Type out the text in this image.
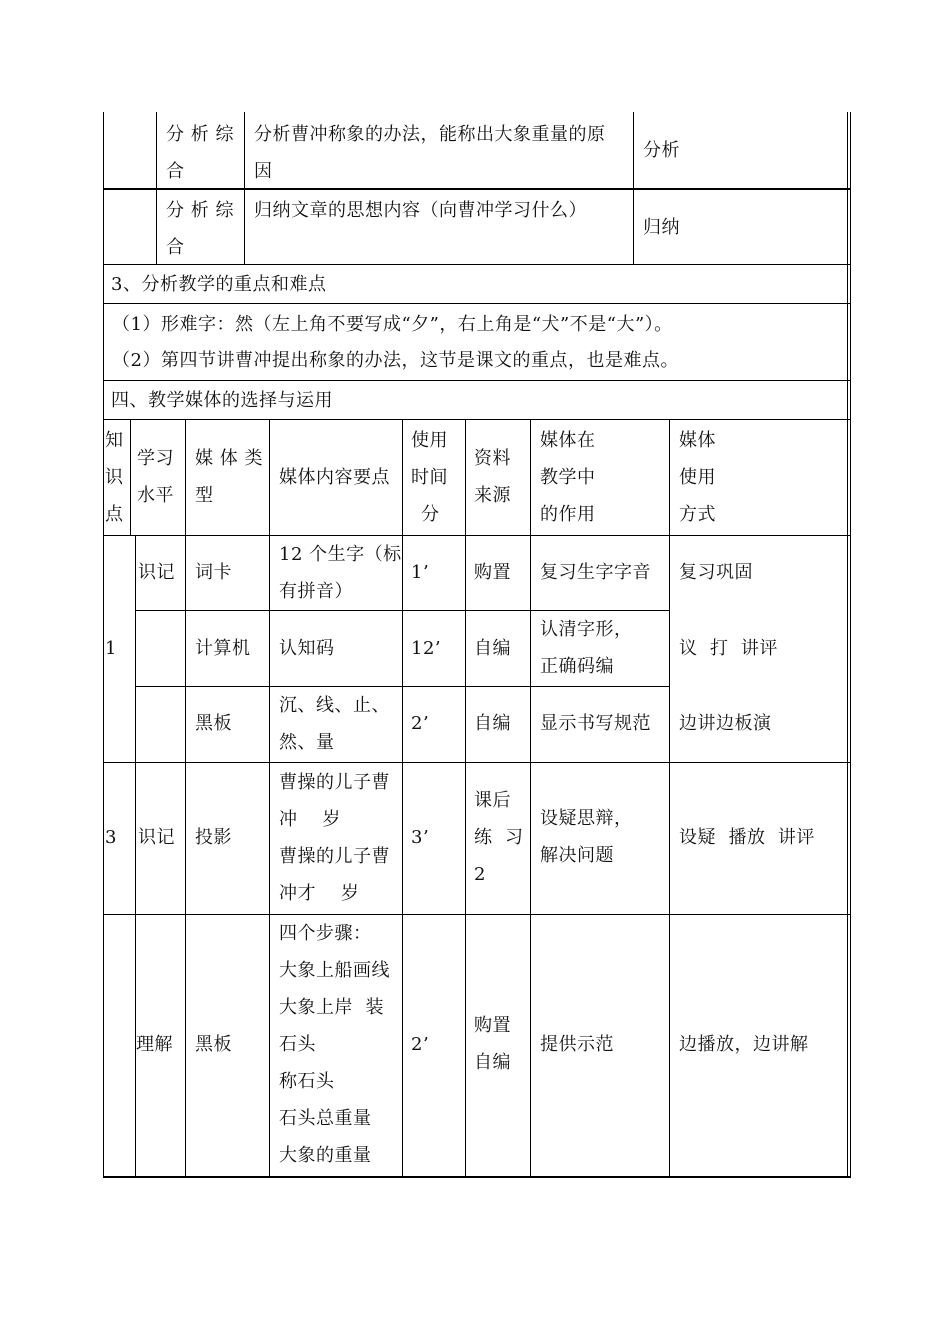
分 析 综
合
分析曹冲称象的办法，能称出大象重量的原
因
分析
分 析 综
合
归纳文章的思想内容（向曹冲学习什么）
归纳
3、分析教学的重点和难点
（1）形难字：然（左上角不要写成“夕”，右上角是“犬”不是“大”）。
（2）第四节讲曹冲提出称象的办法，这节是课文的重点，也是难点。
四、教学媒体的选择与运用
知
识
点
学习
水平
媒 体 类
型
媒体内容要点
使用
时间
分
资料
来源
媒体在
教学中
的作用
媒体
使用
方式
1
识记 词卡
12 个生字（标
有拼音）
1’ 购置 复习生字字音 复习巩固
计算机 认知码	12’ 自编
认清字形，
正确码编
议  打  讲评
黑板
沉、线、止、
然、量
2’ 自编 显示书写规范 边讲边板演
3 识记 投影
曹操的儿子曹
冲    岁
曹操的儿子曹
冲才    岁
3’
课后
练  习
2
设疑思辩，
解决问题
设疑  播放  讲评
理解 黑板
四个步骤：
大象上船画线
大象上岸  装
石头
称石头
石头总重量
大象的重量
2’
购置
自编
提供示范	边播放，边讲解
